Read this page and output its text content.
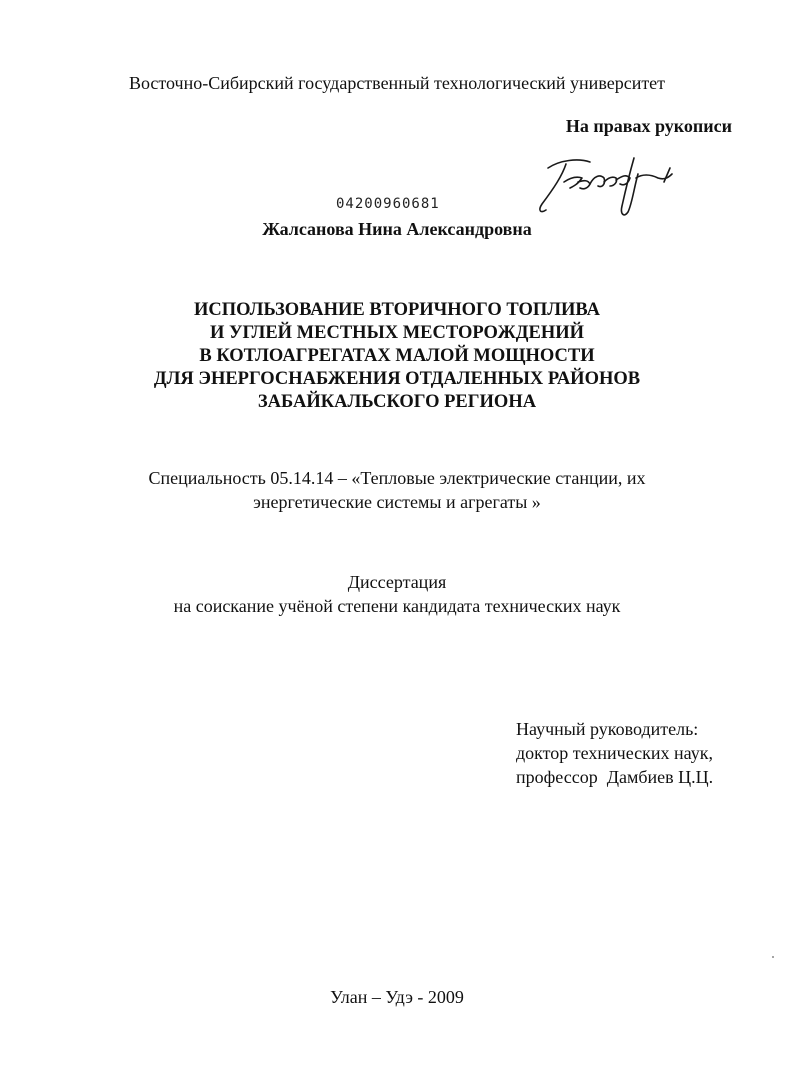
Восточно-Сибирский государственный технологический университет
На правах рукописи
04200960681
Жалсанова Нина Александровна
ИСПОЛЬЗОВАНИЕ ВТОРИЧНОГО ТОПЛИВА
И УГЛЕЙ МЕСТНЫХ МЕСТОРОЖДЕНИЙ
В КОТЛОАГРЕГАТАХ МАЛОЙ МОЩНОСТИ
ДЛЯ ЭНЕРГОСНАБЖЕНИЯ ОТДАЛЕННЫХ РАЙОНОВ
ЗАБАЙКАЛЬСКОГО РЕГИОНА
Специальность 05.14.14 – «Тепловые электрические станции, их
энергетические системы и агрегаты »
Диссертация
на соискание учёной степени кандидата технических наук
Научный руководитель:
доктор технических наук,
профессор  Дамбиев Ц.Ц.
Улан – Удэ - 2009
